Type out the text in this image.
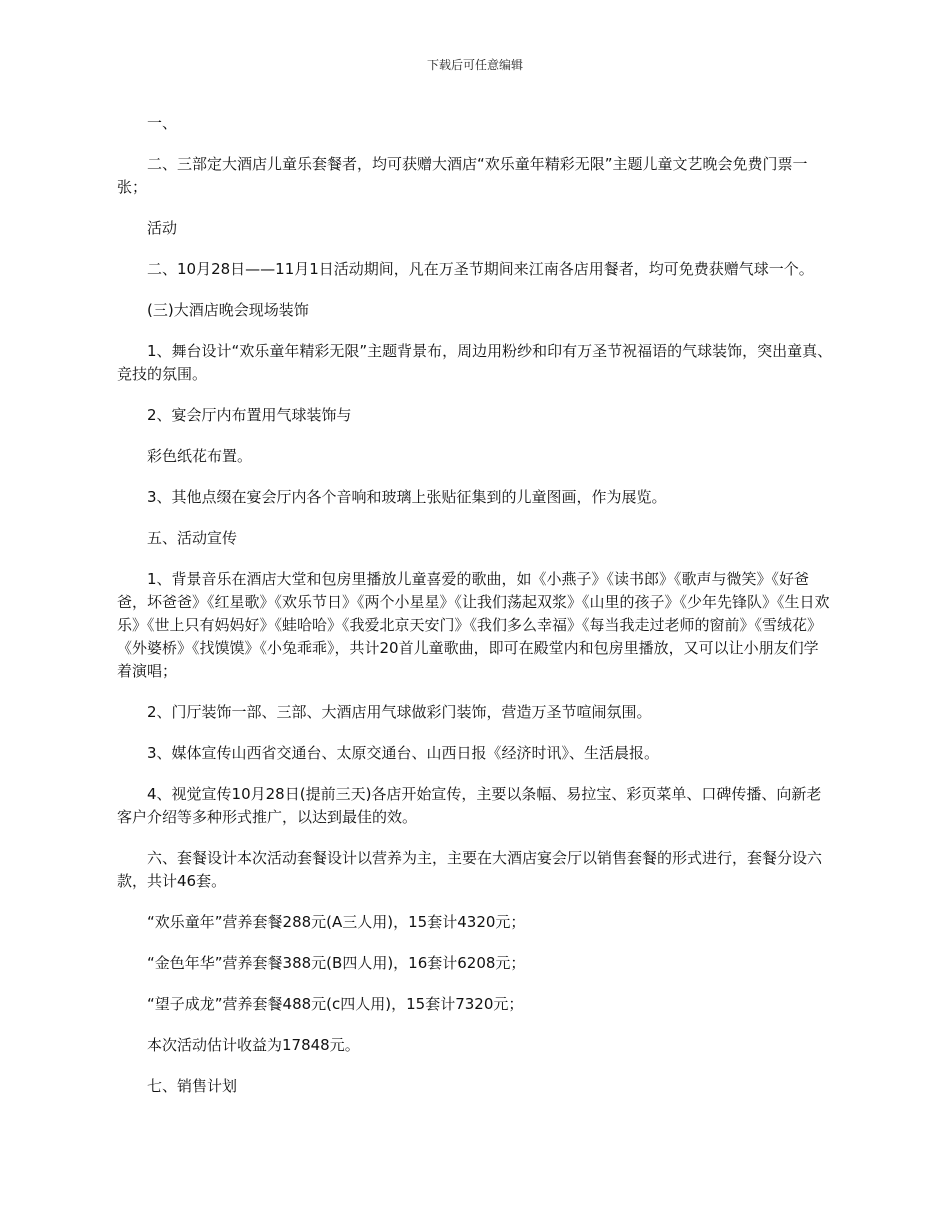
下载后可任意编辑

一、

二、三部定大酒店儿童乐套餐者，均可获赠大酒店“欢乐童年精彩无限”主题儿童文艺晚会免费门票一张；

活动

二、10月28日——11月1日活动期间，凡在万圣节期间来江南各店用餐者，均可免费获赠气球一个。

(三)大酒店晚会现场装饰

1、舞台设计“欢乐童年精彩无限”主题背景布，周边用粉纱和印有万圣节祝福语的气球装饰，突出童真、竞技的氛围。

2、宴会厅内布置用气球装饰与

彩色纸花布置。

3、其他点缀在宴会厅内各个音响和玻璃上张贴征集到的儿童图画，作为展览。

五、活动宣传

1、背景音乐在酒店大堂和包房里播放儿童喜爱的歌曲，如《小燕子》《读书郎》《歌声与微笑》《好爸爸，坏爸爸》《红星歌》《欢乐节日》《两个小星星》《让我们荡起双浆》《山里的孩子》《少年先锋队》《生日欢乐》《世上只有妈妈好》《蛙哈哈》《我爱北京天安门》《我们多么幸福》《每当我走过老师的窗前》《雪绒花》《外婆桥》《找馍馍》《小兔乖乖》，共计20首儿童歌曲，即可在殿堂内和包房里播放，又可以让小朋友们学着演唱；

2、门厅装饰一部、三部、大酒店用气球做彩门装饰，营造万圣节喧闹氛围。

3、媒体宣传山西省交通台、太原交通台、山西日报《经济时讯》、生活晨报。

4、视觉宣传10月28日(提前三天)各店开始宣传，主要以条幅、易拉宝、彩页菜单、口碑传播、向新老客户介绍等多种形式推广，以达到最佳的效。

六、套餐设计本次活动套餐设计以营养为主，主要在大酒店宴会厅以销售套餐的形式进行，套餐分设六款，共计46套。

“欢乐童年”营养套餐288元(A三人用)，15套计4320元；

“金色年华”营养套餐388元(B四人用)，16套计6208元；

“望子成龙”营养套餐488元(c四人用)，15套计7320元；

本次活动估计收益为17848元。

七、销售计划
